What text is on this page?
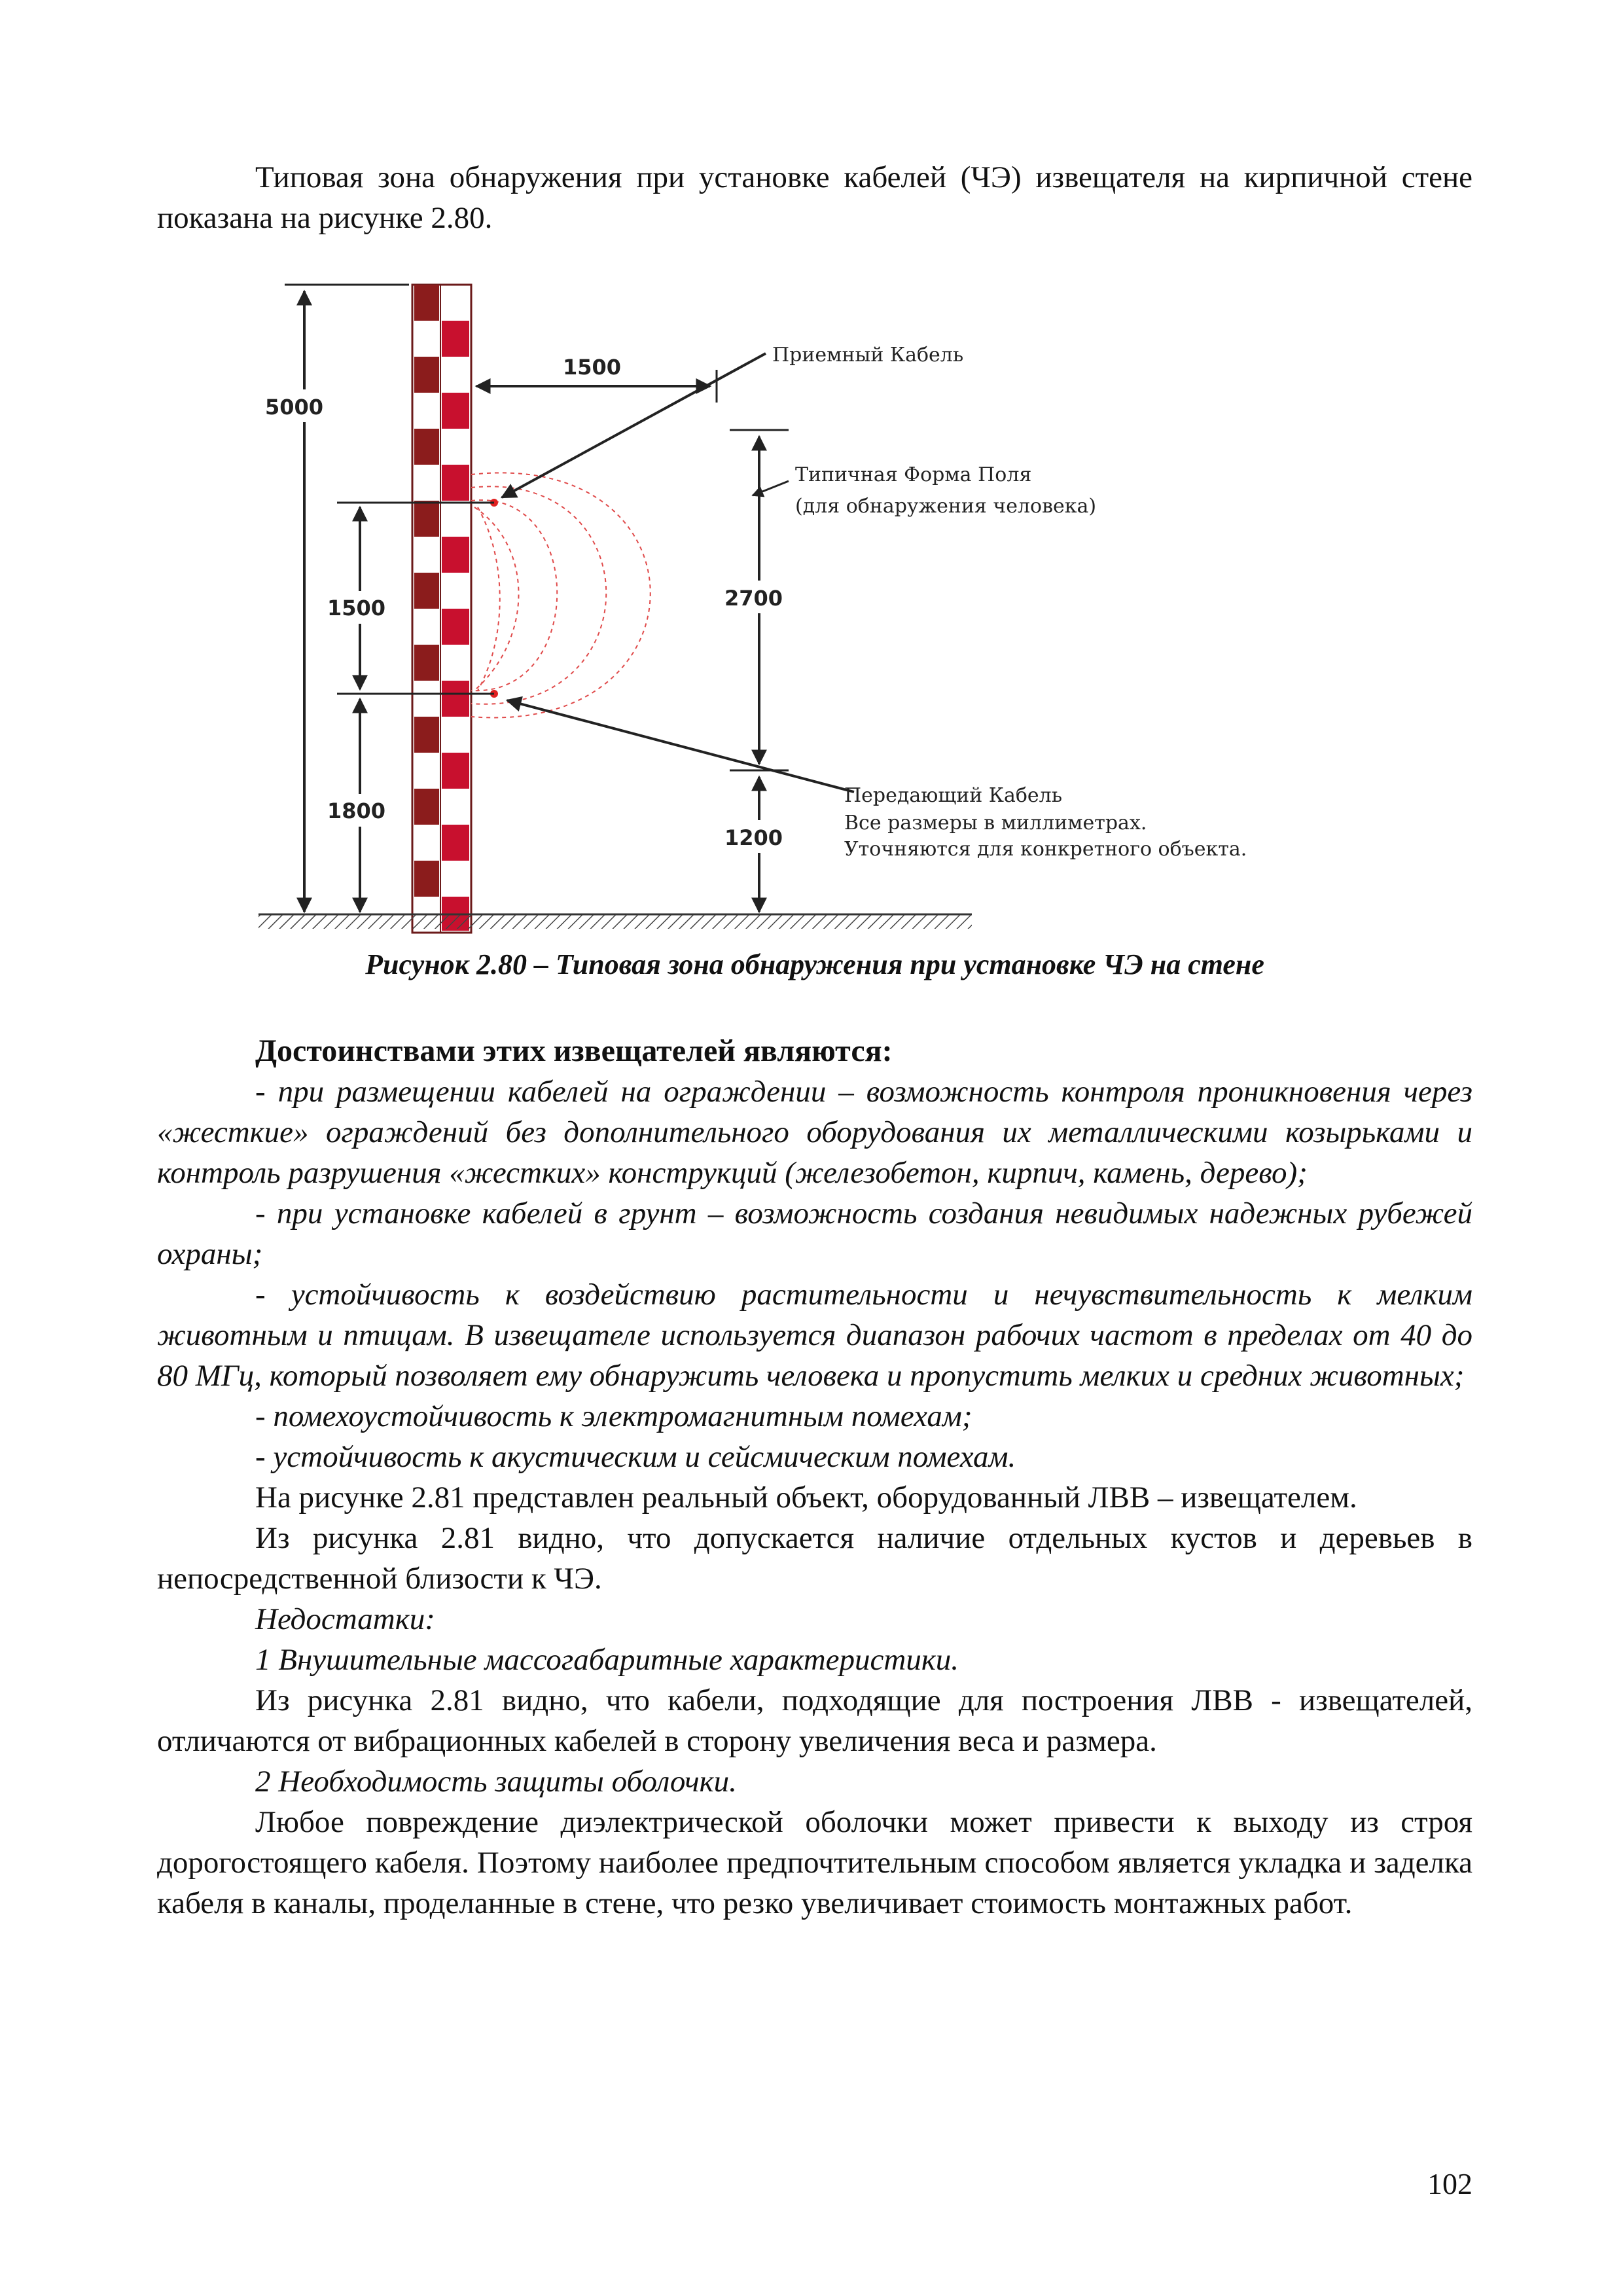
Типовая зона обнаружения при установке кабелей (ЧЭ) извещателя на кирпичной стене показана на рисунке 2.80.

5000
1500
1800
1500
2700
1200
Приемный Кабель
Типичная Форма Поля
(для обнаружения человека)
Передающий Кабель
Все размеры в миллиметрах.
Уточняются для конкретного объекта.
Рисунок 2.80 – Типовая зона обнаружения при установке ЧЭ на стене

Достоинствами этих извещателей являются:

- при размещении кабелей на ограждении – возможность контроля проникновения через «жесткие» ограждений без дополнительного оборудования их металлическими козырьками и контроль разрушения «жестких» конструкций (железобетон, кирпич, камень, дерево);

- при установке кабелей в грунт – возможность создания невидимых надежных рубежей охраны;

- устойчивость к воздействию растительности и нечувствительность к мелким животным и птицам. В извещателе используется диапазон рабочих частот в пределах от 40 до 80 МГц, который позволяет ему обнаружить человека и пропустить мелких и средних животных;

- помехоустойчивость к электромагнитным помехам;

- устойчивость к акустическим и сейсмическим помехам.

На рисунке 2.81 представлен реальный объект, оборудованный ЛВВ – извещателем.

Из рисунка 2.81 видно, что допускается наличие отдельных кустов и деревьев в непосредственной близости к ЧЭ.

Недостатки:

1 Внушительные массогабаритные характеристики.

Из рисунка 2.81 видно, что кабели, подходящие для построения ЛВВ - извещателей, отличаются от вибрационных кабелей в сторону увеличения веса и размера.

2 Необходимость защиты оболочки.

Любое повреждение диэлектрической оболочки может привести к выходу из строя дорогостоящего кабеля. Поэтому наиболее предпочтительным способом является укладка и заделка кабеля в каналы, проделанные в стене, что резко увеличивает стоимость монтажных работ.

102
